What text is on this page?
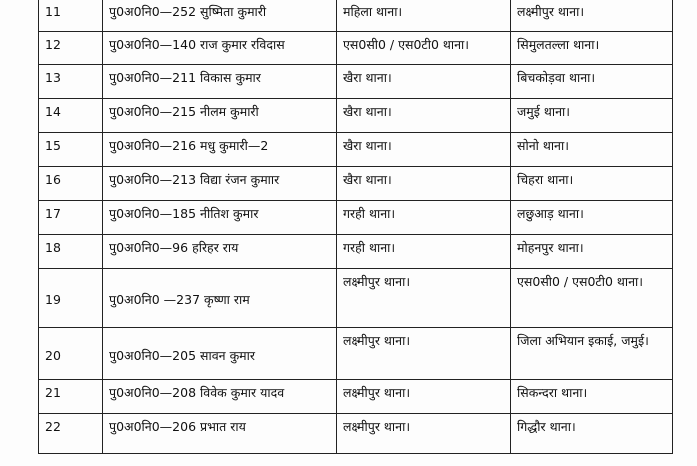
11	पु0अ0नि0—252 सुष्मिता कुमारी	महिला थाना।	लक्ष्मीपुर थाना।
12	पु0अ0नि0—140 राज कुमार रविदास	एस0सी0 / एस0टी0 थाना।	सिमुलतल्ला थाना।
13	पु0अ0नि0—211 विकास कुमार	खैरा थाना।	बिचकोड़वा थाना।
14	पु0अ0नि0—215 नीलम कुमारी	खैरा थाना।	जमुई थाना।
15	पु0अ0नि0—216 मधु कुमारी—2	खैरा थाना।	सोनो थाना।
16	पु0अ0नि0—213 विद्या रंजन कुमाार	खैरा थाना।	चिहरा थाना।
17	पु0अ0नि0—185 नीतिश कुमार	गरही थाना।	लछुआड़ थाना।
18	पु0अ0नि0—96 हरिहर राय	गरही थाना।	मोहनपुर थाना।
19	पु0अ0नि0 —237 कृष्णा राम	लक्ष्मीपुर थाना।	एस0सी0 / एस0टी0 थाना।
20	पु0अ0नि0—205 सावन कुमार	लक्ष्मीपुर थाना।	जिला अभियान इकाई, जमुई।
21	पु0अ0नि0—208 विवेक कुमार यादव	लक्ष्मीपुर थाना।	सिकन्दरा थाना।
22	पु0अ0नि0—206 प्रभात राय	लक्ष्मीपुर थाना।	गिद्धौर थाना।
